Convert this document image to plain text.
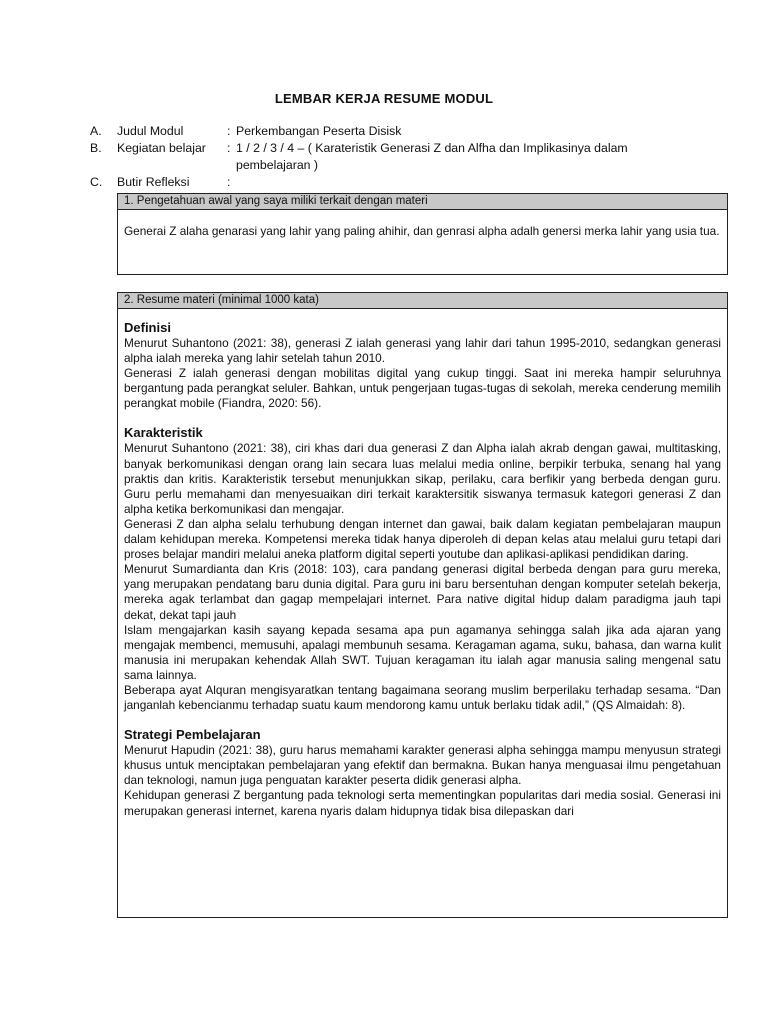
LEMBAR KERJA RESUME MODUL
A.	Judul Modul	: Perkembangan Peserta Disisk
B.	Kegiatan belajar	: 1 / 2 / 3 / 4 – ( Karateristik Generasi Z dan Alfha dan Implikasinya dalam pembelajaran )
C.	Butir Refleksi	:
1. Pengetahuan awal yang saya miliki terkait dengan materi
Generai Z alaha genarasi yang lahir yang paling ahihir, dan genrasi alpha adalh genersi merka lahir yang usia tua.
2. Resume materi (minimal 1000 kata)
Definisi

Menurut Suhantono (2021: 38), generasi Z ialah generasi yang lahir dari tahun 1995-2010, sedangkan generasi alpha ialah mereka yang lahir setelah tahun 2010.

Generasi Z ialah generasi dengan mobilitas digital yang cukup tinggi. Saat ini mereka hampir seluruhnya bergantung pada perangkat seluler. Bahkan, untuk pengerjaan tugas-tugas di sekolah, mereka cenderung memilih perangkat mobile (Fiandra, 2020: 56).

Karakteristik

Menurut Suhantono (2021: 38), ciri khas dari dua generasi Z dan Alpha ialah akrab dengan gawai, multitasking, banyak berkomunikasi dengan orang lain secara luas melalui media online, berpikir terbuka, senang hal yang praktis dan kritis. Karakteristik tersebut menunjukkan sikap, perilaku, cara berfikir yang berbeda dengan guru. Guru perlu memahami dan menyesuaikan diri terkait karaktersitik siswanya termasuk kategori generasi Z dan alpha ketika berkomunikasi dan mengajar.

Generasi Z dan alpha selalu terhubung dengan internet dan gawai, baik dalam kegiatan pembelajaran maupun dalam kehidupan mereka. Kompetensi mereka tidak hanya diperoleh di depan kelas atau melalui guru tetapi dari proses belajar mandiri melalui aneka platform digital seperti youtube dan aplikasi-aplikasi pendidikan daring.

Menurut Sumardianta dan Kris (2018: 103), cara pandang generasi digital berbeda dengan para guru mereka, yang merupakan pendatang baru dunia digital. Para guru ini baru bersentuhan dengan komputer setelah bekerja, mereka agak terlambat dan gagap mempelajari internet. Para native digital hidup dalam paradigma jauh tapi dekat, dekat tapi jauh

Islam mengajarkan kasih sayang kepada sesama apa pun agamanya sehingga salah jika ada ajaran yang mengajak membenci, memusuhi, apalagi membunuh sesama. Keragaman agama, suku, bahasa, dan warna kulit manusia ini merupakan kehendak Allah SWT. Tujuan keragaman itu ialah agar manusia saling mengenal satu sama lainnya.

Beberapa ayat Alquran mengisyaratkan tentang bagaimana seorang muslim berperilaku terhadap sesama. “Dan janganlah kebencianmu terhadap suatu kaum mendorong kamu untuk berlaku tidak adil,” (QS Almaidah: 8).

Strategi Pembelajaran

Menurut Hapudin (2021: 38), guru harus memahami karakter generasi alpha sehingga mampu menyusun strategi khusus untuk menciptakan pembelajaran yang efektif dan bermakna. Bukan hanya menguasai ilmu pengetahuan dan teknologi, namun juga penguatan karakter peserta didik generasi alpha.

Kehidupan generasi Z bergantung pada teknologi serta mementingkan popularitas dari media sosial. Generasi ini merupakan generasi internet, karena nyaris dalam hidupnya tidak bisa dilepaskan dari
